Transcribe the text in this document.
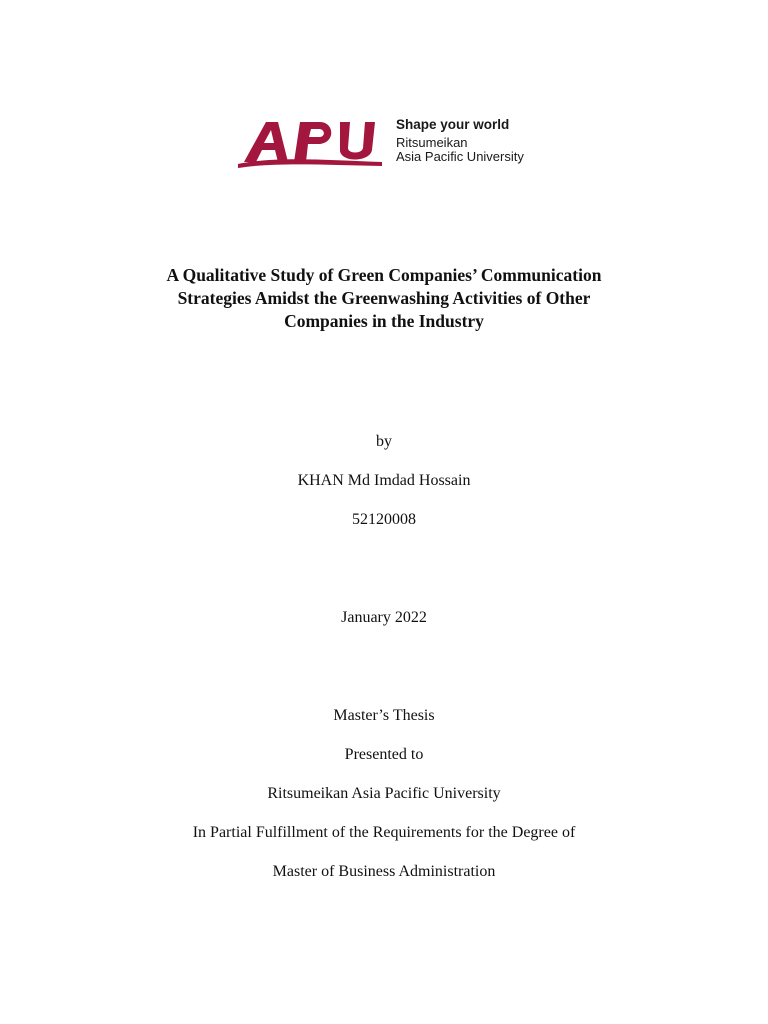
Shape your world
Ritsumeikan
Asia Pacific University
A Qualitative Study of Green Companies’ Communication
Strategies Amidst the Greenwashing Activities of Other
Companies in the Industry
by
KHAN Md Imdad Hossain
52120008
January 2022
Master’s Thesis
Presented to
Ritsumeikan Asia Pacific University
In Partial Fulfillment of the Requirements for the Degree of
Master of Business Administration
